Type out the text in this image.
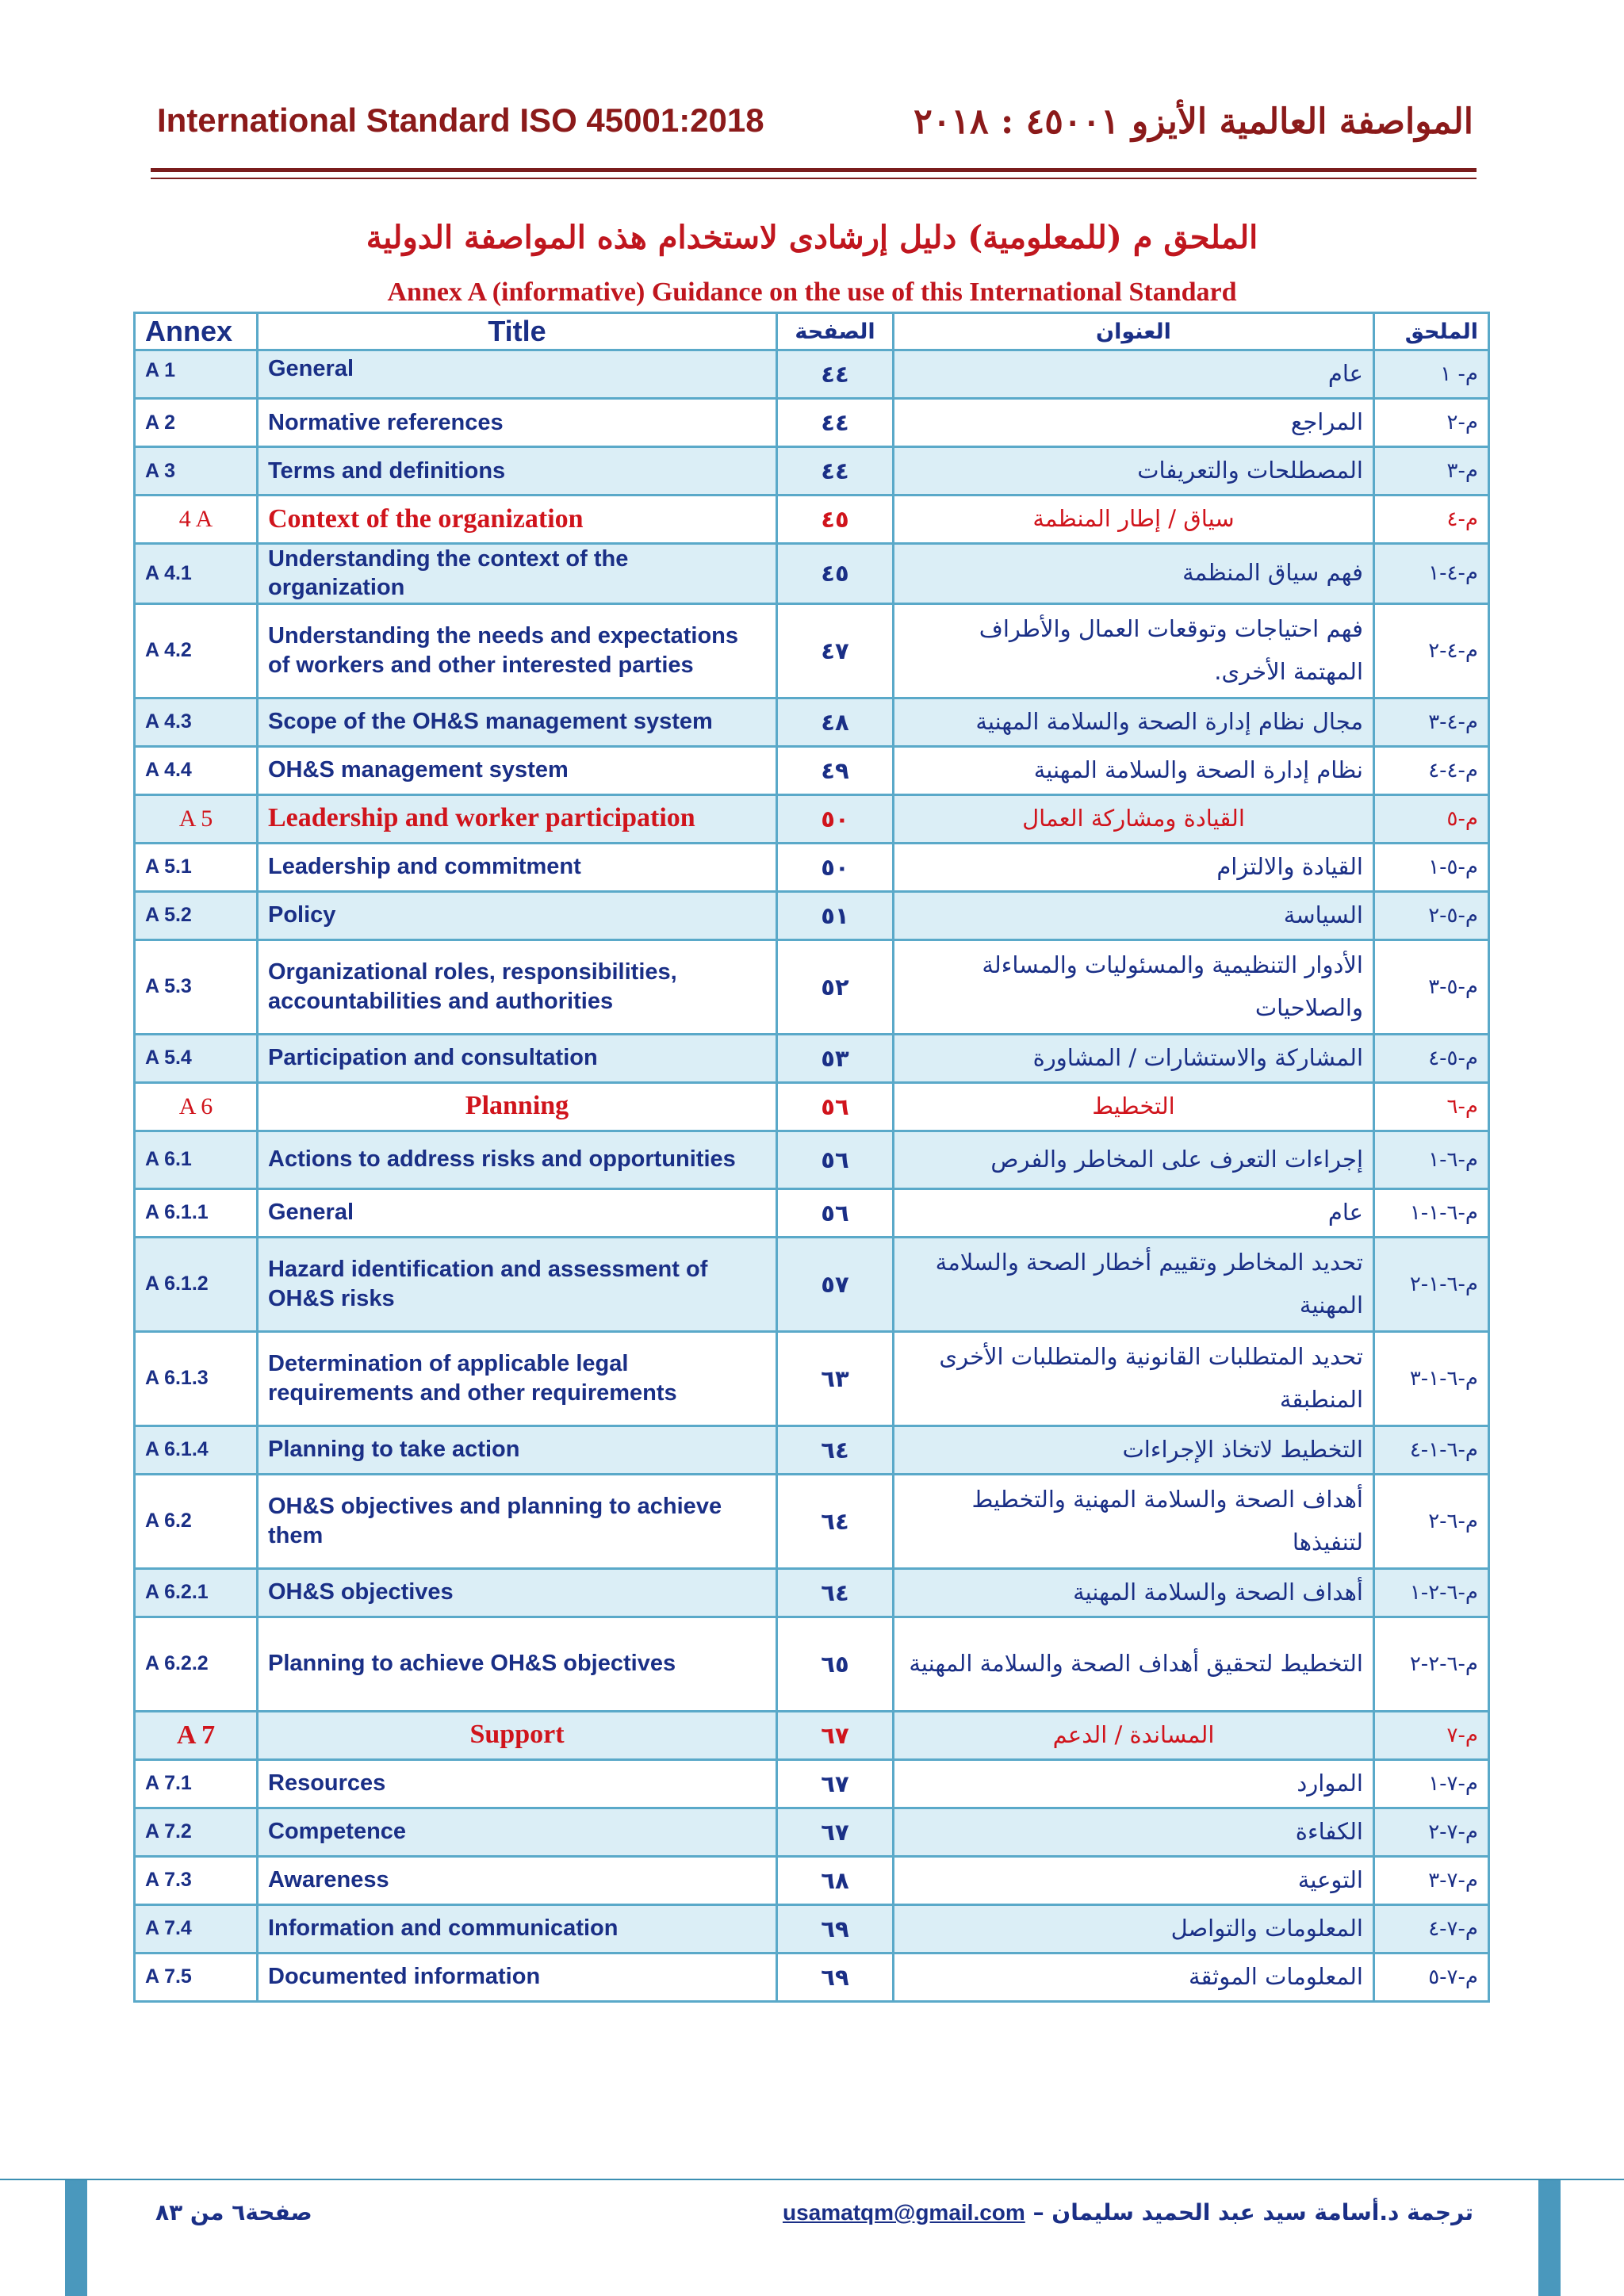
International Standard ISO 45001:2018	المواصفة العالمية الأيزو ٤٥٠٠١ : ٢٠١٨
الملحق م (للمعلومية) دليل إرشادى لاستخدام هذه المواصفة الدولية
Annex A (informative) Guidance on the use of this International Standard
Annex	Title	الصفحة	العنوان	الملحق
A 1	General	٤٤	عام	م- ١
A 2	Normative references	٤٤	المراجع	م-٢
A 3	Terms and definitions	٤٤	المصطلحات والتعريفات	م-٣
4 A	Context of the organization	٤٥	سياق / إطار المنظمة	م-٤
A 4.1	Understanding the context of the organization	٤٥	فهم سياق المنظمة	م-٤-١
A 4.2	Understanding the needs and expectations of workers and other interested parties	٤٧	فهم احتياجات وتوقعات العمال والأطراف المهتمة الأخرى.	م-٤-٢
A 4.3	Scope of the OH&S management system	٤٨	مجال نظام إدارة الصحة والسلامة المهنية	م-٤-٣
A 4.4	OH&S management system	٤٩	نظام إدارة الصحة والسلامة المهنية	م-٤-٤
A 5	Leadership and worker participation	٥٠	القيادة ومشاركة العمال	م-٥
A 5.1	Leadership and commitment	٥٠	القيادة والالتزام	م-٥-١
A 5.2	Policy	٥١	السياسة	م-٥-٢
A 5.3	Organizational roles, responsibilities, accountabilities and authorities	٥٢	الأدوار التنظيمية والمسئوليات والمساءلة والصلاحيات	م-٥-٣
A 5.4	Participation and consultation	٥٣	المشاركة والاستشارات / المشاورة	م-٥-٤
A 6	Planning	٥٦	التخطيط	م-٦
A 6.1	Actions to address risks and opportunities	٥٦	إجراءات التعرف على المخاطر والفرص	م-٦-١
A 6.1.1	General	٥٦	عام	م-٦-١-١
A 6.1.2	Hazard identification and assessment of OH&S risks	٥٧	تحديد المخاطر وتقييم أخطار الصحة والسلامة المهنية	م-٦-١-٢
A 6.1.3	Determination of applicable legal requirements and other requirements	٦٣	تحديد المتطلبات القانونية والمتطلبات الأخرى المنطبقة	م-٦-١-٣
A 6.1.4	Planning to take action	٦٤	التخطيط لاتخاذ الإجراءات	م-٦-١-٤
A 6.2	OH&S objectives and planning to achieve them	٦٤	أهداف الصحة والسلامة المهنية والتخطيط لتنفيذها	م-٦-٢
A 6.2.1	OH&S objectives	٦٤	أهداف الصحة والسلامة المهنية	م-٦-٢-١
A 6.2.2	Planning to achieve OH&S objectives	٦٥	التخطيط لتحقيق أهداف الصحة والسلامة المهنية	م-٦-٢-٢
A 7	Support	٦٧	المساندة / الدعم	م-٧
A 7.1	Resources	٦٧	الموارد	م-٧-١
A 7.2	Competence	٦٧	الكفاءة	م-٧-٢
A 7.3	Awareness	٦٨	التوعية	م-٧-٣
A 7.4	Information and communication	٦٩	المعلومات والتواصل	م-٧-٤
A 7.5	Documented information	٦٩	المعلومات الموثقة	م-٧-٥
صفحة٦ من ٨٣	ترجمة د.أسامة سيد عبد الحميد سليمان – usamatqm@gmail.com
